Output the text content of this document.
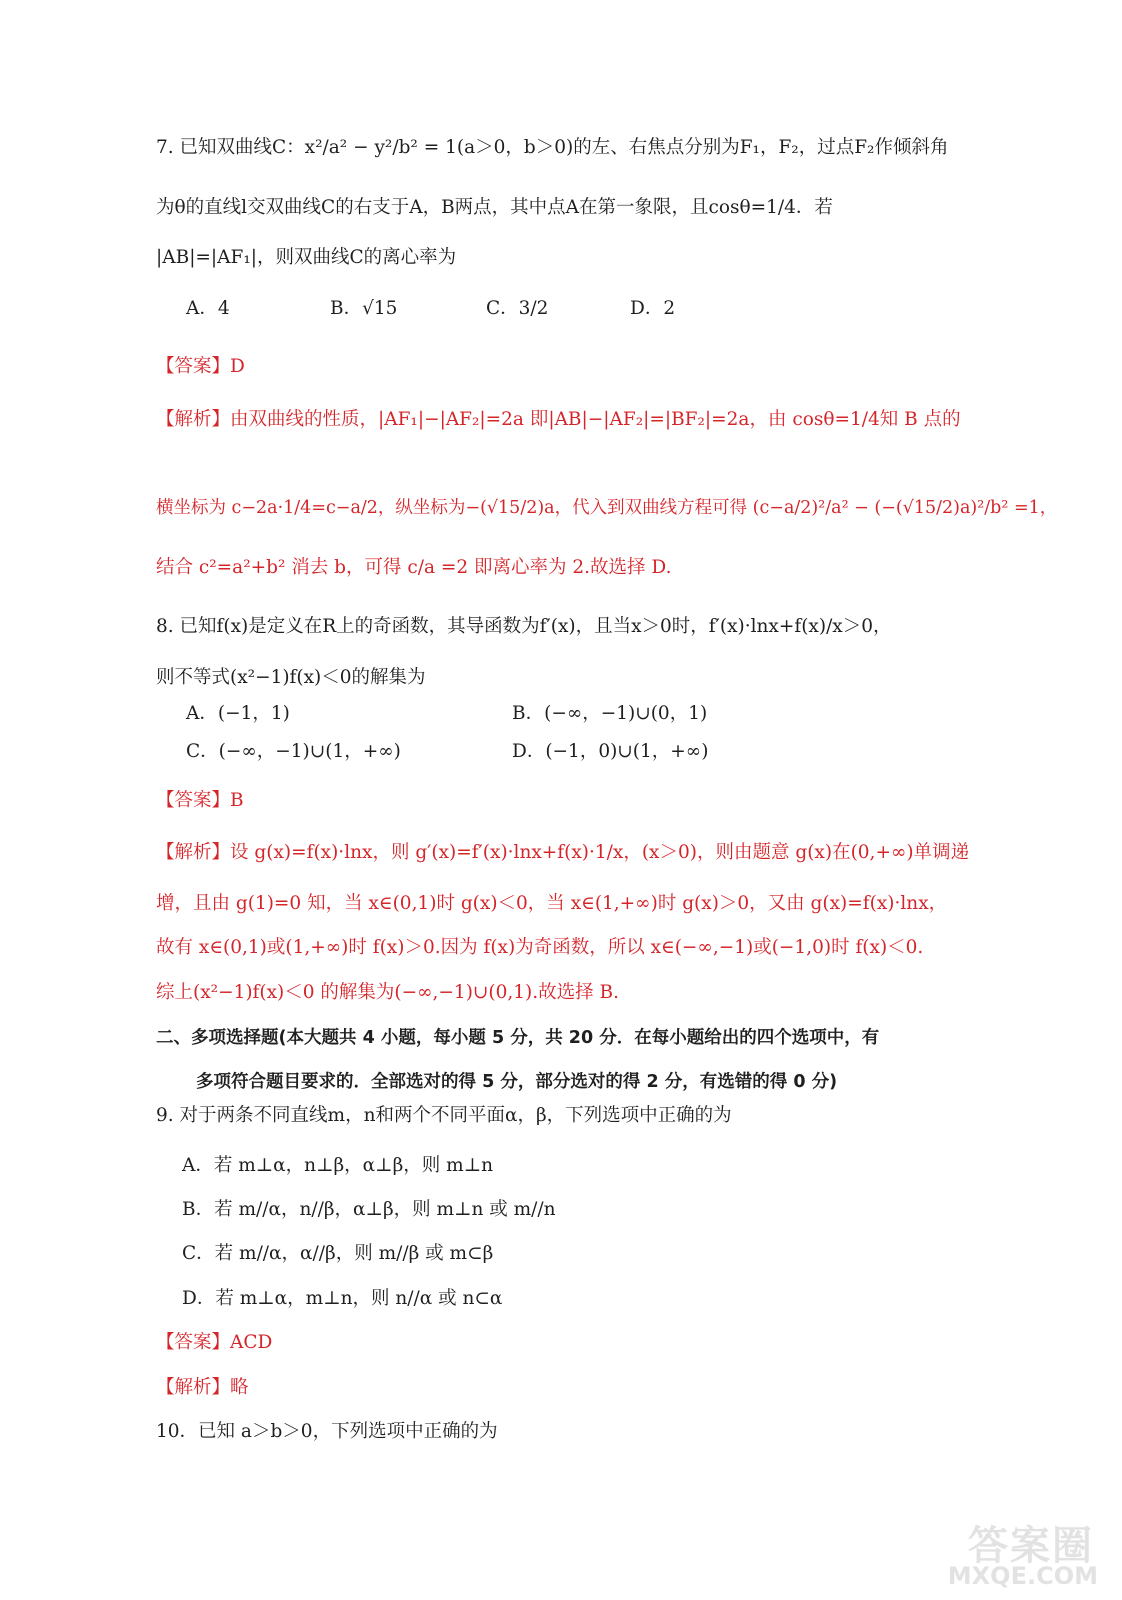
7. 已知双曲线C：x²/a² − y²/b² = 1(a＞0，b＞0)的左、右焦点分别为F₁，F₂，过点F₂作倾斜角
为θ的直线l交双曲线C的右支于A，B两点，其中点A在第一象限，且cosθ=1/4．若
|AB|=|AF₁|，则双曲线C的离心率为
A．4	B．√15	C．3/2	D．2
【答案】D
【解析】由双曲线的性质，|AF₁|−|AF₂|=2a 即|AB|−|AF₂|=|BF₂|=2a，由 cosθ=1/4知 B 点的
横坐标为 c−2a·1/4=c−a/2，纵坐标为−(√15/2)a，代入到双曲线方程可得 (c−a/2)²/a² − (−(√15/2)a)²/b² =1，
结合 c²=a²+b² 消去 b，可得 c/a =2 即离心率为 2.故选择 D.
8. 已知f(x)是定义在R上的奇函数，其导函数为f′(x)，且当x＞0时，f′(x)·lnx+f(x)/x＞0，
则不等式(x²−1)f(x)＜0的解集为
A．(−1，1)	B．(−∞，−1)∪(0，1)
C．(−∞，−1)∪(1，+∞)	D．(−1，0)∪(1，+∞)
【答案】B
【解析】设 g(x)=f(x)·lnx，则 g′(x)=f′(x)·lnx+f(x)·1/x，(x＞0)，则由题意 g(x)在(0,+∞)单调递
增，且由 g(1)=0 知，当 x∈(0,1)时 g(x)＜0，当 x∈(1,+∞)时 g(x)＞0，又由 g(x)=f(x)·lnx，
故有 x∈(0,1)或(1,+∞)时 f(x)＞0.因为 f(x)为奇函数，所以 x∈(−∞,−1)或(−1,0)时 f(x)＜0.
综上(x²−1)f(x)＜0 的解集为(−∞,−1)∪(0,1).故选择 B.
二、多项选择题(本大题共 4 小题，每小题 5 分，共 20 分．在每小题给出的四个选项中，有
多项符合题目要求的．全部选对的得 5 分，部分选对的得 2 分，有选错的得 0 分)
9. 对于两条不同直线m，n和两个不同平面α，β，下列选项中正确的为
A．若 m⊥α，n⊥β，α⊥β，则 m⊥n
B．若 m//α，n//β，α⊥β，则 m⊥n 或 m//n
C．若 m//α，α//β，则 m//β 或 m⊂β
D．若 m⊥α，m⊥n，则 n//α 或 n⊂α
【答案】ACD
【解析】略
10．已知 a＞b＞0，下列选项中正确的为
答案圈
MXQE.COM
